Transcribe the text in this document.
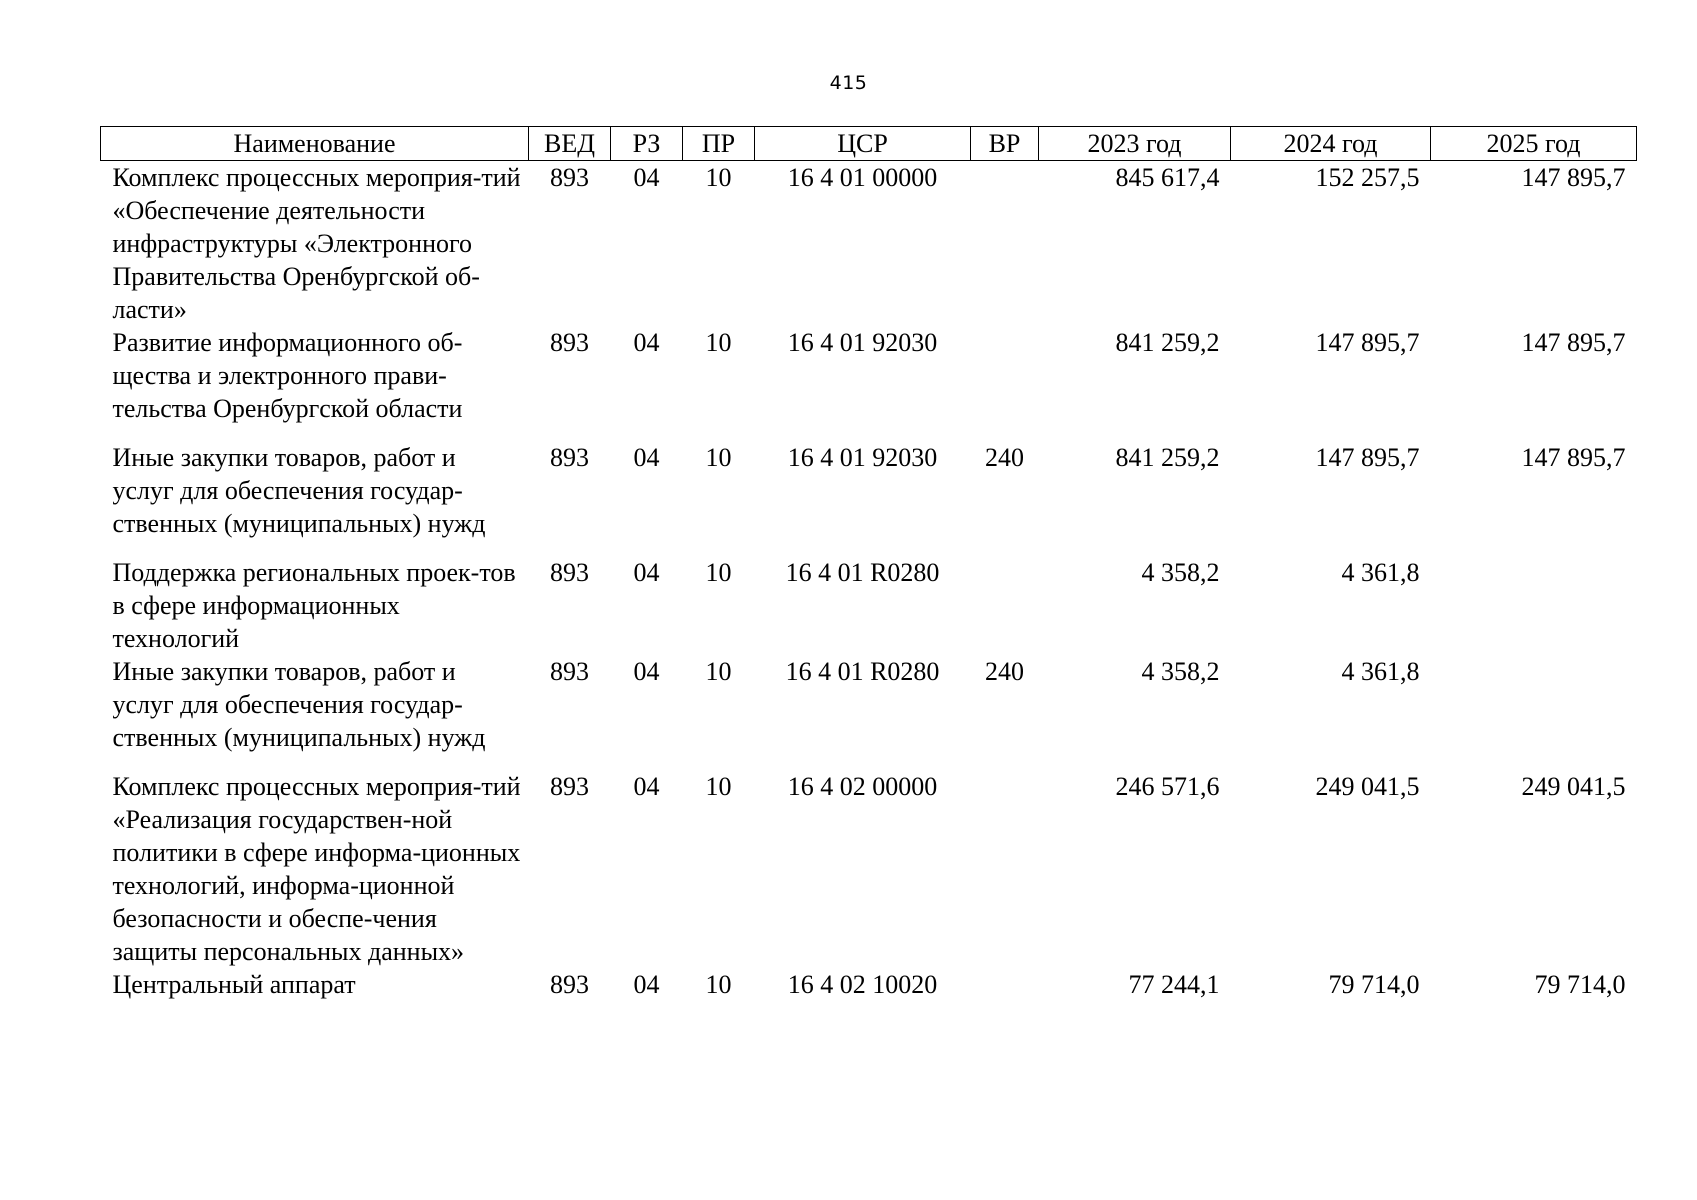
415
Наименование	ВЕД	РЗ	ПР	ЦСР	ВР	2023 год	2024 год	2025 год
Комплекс процессных мероприя-тий «Обеспечение деятельности инфраструктуры «Электронного Правительства Оренбургской об-ласти»	893	04	10	16 4 01 00000		845 617,4	152 257,5	147 895,7
Развитие информационного об-щества и электронного прави-тельства Оренбургской области	893	04	10	16 4 01 92030		841 259,2	147 895,7	147 895,7
Иные закупки товаров, работ и услуг для обеспечения государ-ственных (муниципальных) нужд	893	04	10	16 4 01 92030	240	841 259,2	147 895,7	147 895,7
Поддержка региональных проек-тов в сфере информационных технологий	893	04	10	16 4 01 R0280		4 358,2	4 361,8	
Иные закупки товаров, работ и услуг для обеспечения государ-ственных (муниципальных) нужд	893	04	10	16 4 01 R0280	240	4 358,2	4 361,8	
Комплекс процессных мероприя-тий «Реализация государствен-ной политики в сфере информа-ционных технологий, информа-ционной безопасности и обеспе-чения защиты персональных данных»	893	04	10	16 4 02 00000		246 571,6	249 041,5	249 041,5
Центральный аппарат	893	04	10	16 4 02 10020		77 244,1	79 714,0	79 714,0
